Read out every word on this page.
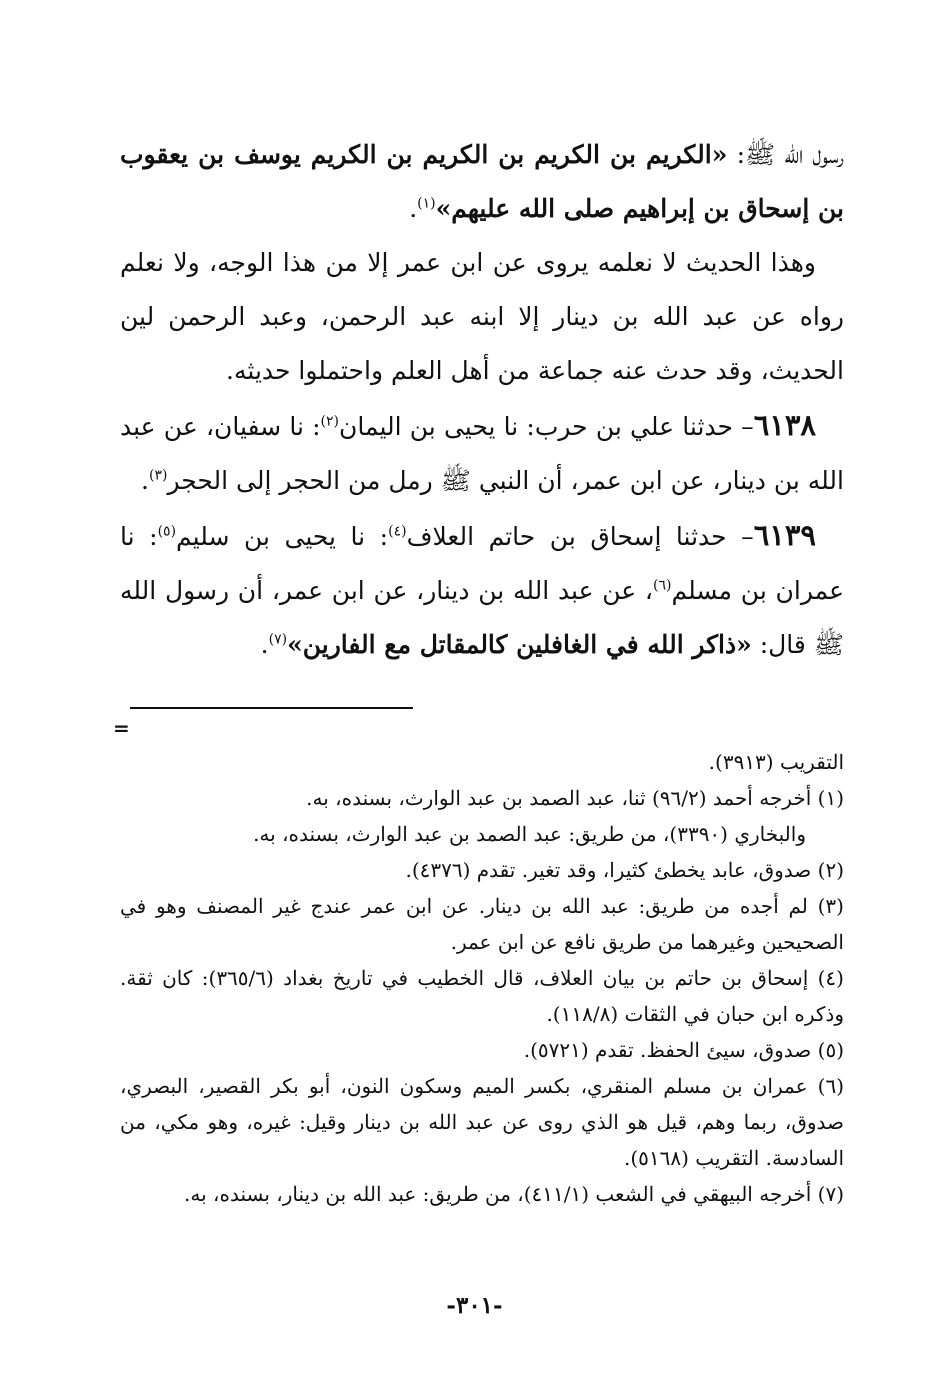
رسول الله ﷺ: «الكريم بن الكريم بن الكريم بن الكريم يوسف بن يعقوب بن إسحاق بن إبراهيم صلى الله عليهم»$^{(١)}$.

وهذا الحديث لا نعلمه يروى عن ابن عمر إلا من هذا الوجه، ولا نعلم رواه عن عبد الله بن دينار إلا ابنه عبد الرحمن، وعبد الرحمن لين الحديث، وقد حدث عنه جماعة من أهل العلم واحتملوا حديثه.

٦١٣٨– حدثنا علي بن حرب: نا يحيى بن اليمان$^{(٢)}$: نا سفيان، عن عبد الله بن دينار، عن ابن عمر، أن النبي ﷺ رمل من الحجر إلى الحجر$^{(٣)}$.

٦١٣٩– حدثنا إسحاق بن حاتم العلاف$^{(٤)}$: نا يحيى بن سليم$^{(٥)}$: نا عمران بن مسلم$^{(٦)}$، عن عبد الله بن دينار، عن ابن عمر، أن رسول الله ﷺ قال: «ذاكر الله في الغافلين كالمقاتل مع الفارين»$^{(٧)}$.

=

التقريب (٣٩١٣).

(١) أخرجه أحمد (٩٦/٢) ثنا، عبد الصمد بن عبد الوارث، بسنده، به.

والبخاري (٣٣٩٠)، من طريق: عبد الصمد بن عبد الوارث، بسنده، به.

(٢) صدوق، عابد يخطئ كثيرا، وقد تغير. تقدم (٤٣٧٦).

(٣) لم أجده من طريق: عبد الله بن دينار. عن ابن عمر عندج غير المصنف وهو في الصحيحين وغيرهما من طريق نافع عن ابن عمر.

(٤) إسحاق بن حاتم بن بيان العلاف، قال الخطيب في تاريخ بغداد (٣٦٥/٦): كان ثقة. وذكره ابن حبان في الثقات (١١٨/٨).

(٥) صدوق، سيئ الحفظ. تقدم (٥٧٢١).

(٦) عمران بن مسلم المنقري، بكسر الميم وسكون النون، أبو بكر القصير، البصري، صدوق، ربما وهم، قيل هو الذي روى عن عبد الله بن دينار وقيل: غيره، وهو مكي، من السادسة. التقريب (٥١٦٨).

(٧) أخرجه البيهقي في الشعب (٤١١/١)، من طريق: عبد الله بن دينار، بسنده، به.

-٣٠١-
